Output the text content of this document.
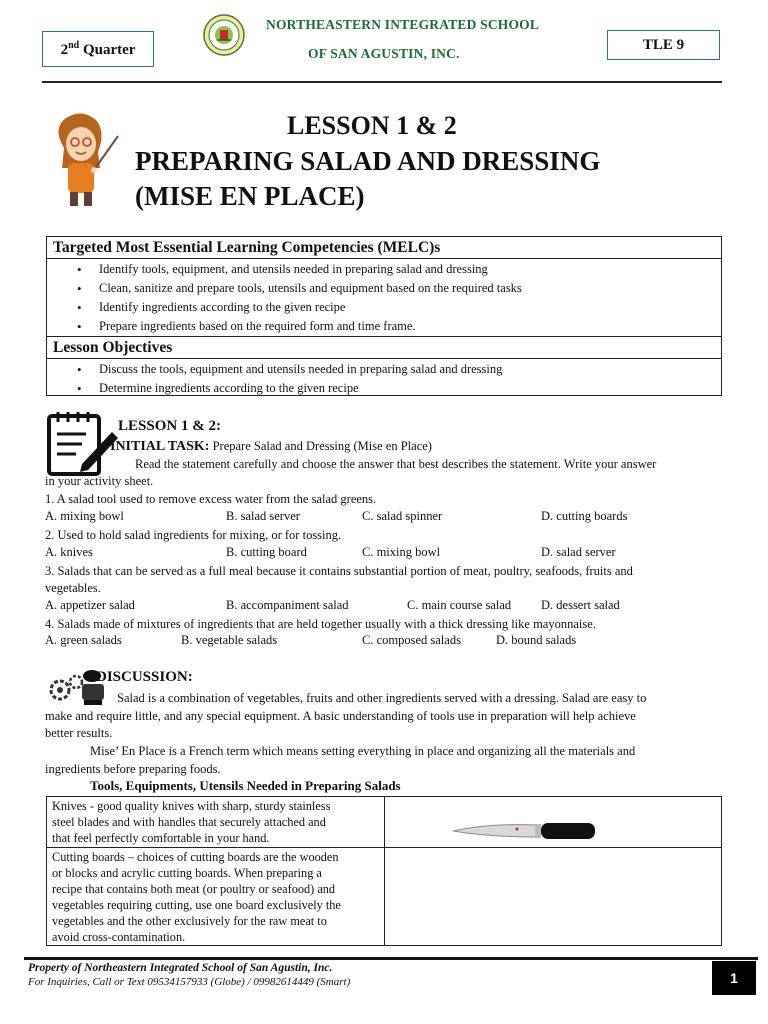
2nd Quarter
NORTHEASTERN INTEGRATED SCHOOL
OF SAN AGUSTIN, INC.
TLE 9
LESSON 1 & 2
PREPARING SALAD AND DRESSING
(MISE EN PLACE)
Targeted Most Essential Learning Competencies (MELC)s
• Identify tools, equipment, and utensils needed in preparing salad and dressing
• Clean, sanitize and prepare tools, utensils and equipment based on the required tasks
• Identify ingredients according to the given recipe
• Prepare ingredients based on the required form and time frame.
Lesson Objectives
• Discuss the tools, equipment and utensils needed in preparing salad and dressing
• Determine ingredients according to the given recipe
LESSON 1 & 2:
INITIAL TASK: Prepare Salad and Dressing (Mise en Place)
Read the statement carefully and choose the answer that best describes the statement. Write your answer
in your activity sheet.
1. A salad tool used to remove excess water from the salad greens.
A. mixing bowl	B. salad server	C. salad spinner	D. cutting boards
2. Used to hold salad ingredients for mixing, or for tossing.
A. knives	B. cutting board	C. mixing bowl	D. salad server
3. Salads that can be served as a full meal because it contains substantial portion of meat, poultry, seafoods, fruits and
vegetables.
A. appetizer salad	B. accompaniment salad	C. main course salad D. dessert salad
4. Salads made of mixtures of ingredients that are held together usually with a thick dressing like mayonnaise.
A. green salads	B. vegetable salads	C. composed salads	D. bound salads
DISCUSSION:
Salad is a combination of vegetables, fruits and other ingredients served with a dressing. Salad are easy to
make and require little, and any special equipment. A basic understanding of tools use in preparation will help achieve
better results.
Mise’ En Place is a French term which means setting everything in place and organizing all the materials and
ingredients before preparing foods.
Tools, Equipments, Utensils Needed in Preparing Salads
Knives - good quality knives with sharp, sturdy stainless
steel blades and with handles that securely attached and
that feel perfectly comfortable in your hand.
Cutting boards – choices of cutting boards are the wooden
or blocks and acrylic cutting boards. When preparing a
recipe that contains both meat (or poultry or seafood) and
vegetables requiring cutting, use one board exclusively the
vegetables and the other exclusively for the raw meat to
avoid cross-contamination.
Property of Northeastern Integrated School of San Agustin, Inc.
For Inquiries, Call or Text 09534157933 (Globe) / 09982614449 (Smart)	1
